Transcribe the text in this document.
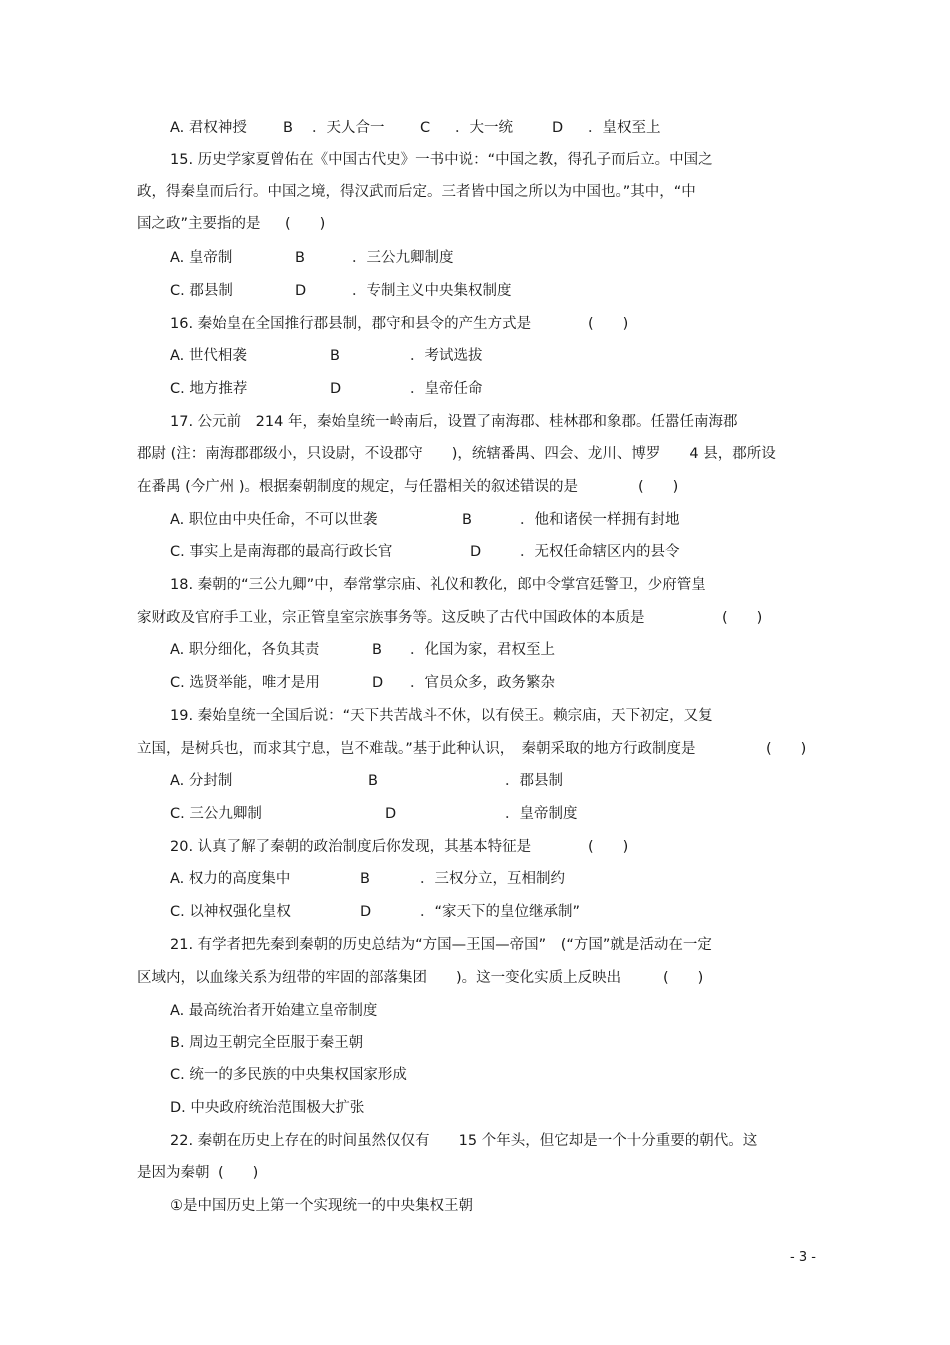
A. 君权神授 B ．天人合一 C ．大一统	D ．皇权至上
15. 历史学家夏曾佑在《中国古代史》一书中说：“中国之教，得孔子而后立。中国之
政，得秦皇而后行。中国之境，得汉武而后定。三者皆中国之所以为中国也。”其中，“中
国之政”主要指的是 (　　)
A. 皇帝制	B	．三公九卿制度
C. 郡县制	D	．专制主义中央集权制度
16. 秦始皇在全国推行郡县制，郡守和县令的产生方式是	(　　)
A. 世代相袭	B	．考试选拔
C. 地方推荐	D	．皇帝任命
17. 公元前　214 年，秦始皇统一岭南后，设置了南海郡、桂林郡和象郡。任嚣任南海郡
郡尉 (注：南海郡郡级小，只设尉，不设郡守　　)，统辖番禺、四会、龙川、博罗　　4 县，郡所设
在番禺 (今广州 )。根据秦朝制度的规定，与任嚣相关的叙述错误的是	(　　)
A. 职位由中央任命，不可以世袭	B	．他和诸侯一样拥有封地
C. 事实上是南海郡的最高行政长官	D	．无权任命辖区内的县令
18. 秦朝的“三公九卿”中，奉常掌宗庙、礼仪和教化，郎中令掌宫廷警卫，少府管皇
家财政及官府手工业，宗正管皇室宗族事务等。这反映了古代中国政体的本质是	(　　)
A. 职分细化，各负其责	B ．化国为家，君权至上
C. 选贤举能，唯才是用	D ．官员众多，政务繁杂
19. 秦始皇统一全国后说：“天下共苦战斗不休，以有侯王。赖宗庙，天下初定，又复
立国，是树兵也，而求其宁息，岂不难哉。”基于此种认识，　秦朝采取的地方行政制度是	(　　)
A. 分封制	B	．郡县制
C. 三公九卿制	D	．皇帝制度
20. 认真了解了秦朝的政治制度后你发现，其基本特征是	(　　)
A. 权力的高度集中	B	．三权分立，互相制约
C. 以神权强化皇权	D	．“家天下的皇位继承制”
21. 有学者把先秦到秦朝的历史总结为“方国—王国—帝国”　(“方国”就是活动在一定
区域内，以血缘关系为纽带的牢固的部落集团　　)。这一变化实质上反映出	(　　)
A. 最高统治者开始建立皇帝制度
B. 周边王朝完全臣服于秦王朝
C. 统一的多民族的中央集权国家形成
D. 中央政府统治范围极大扩张
22. 秦朝在历史上存在的时间虽然仅仅有　　15 个年头，但它却是一个十分重要的朝代。这
是因为秦朝 (　　)
①是中国历史上第一个实现统一的中央集权王朝
- 3 -
